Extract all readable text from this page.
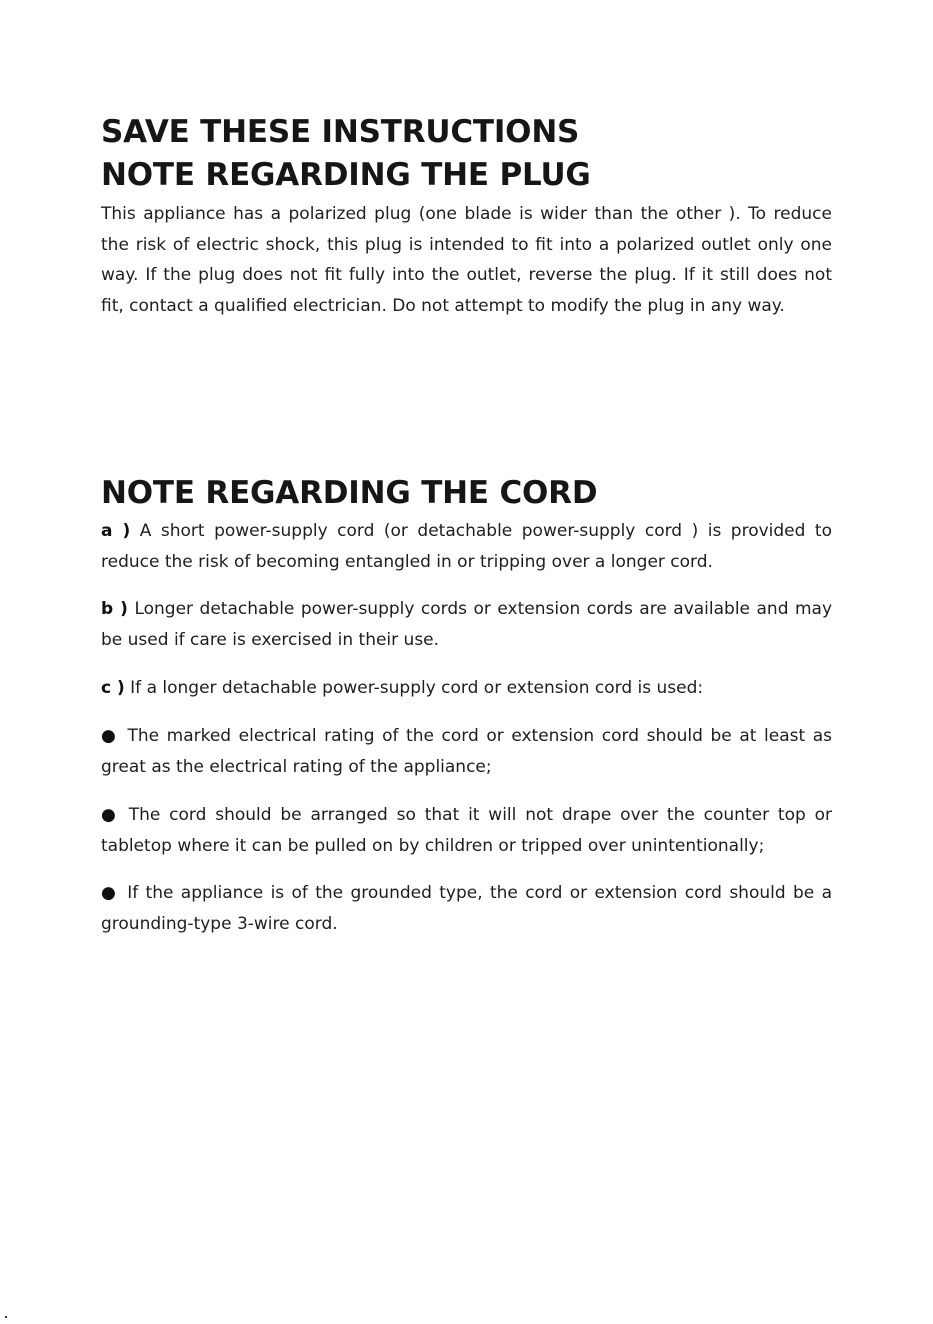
SAVE THESE INSTRUCTIONS
NOTE REGARDING THE PLUG

This appliance has a polarized plug (one blade is wider than the other ). To reduce the risk of electric shock, this plug is intended to fit into a polarized outlet only one way. If the plug does not fit fully into the outlet, reverse the plug. If it still does not fit, contact a qualified electrician. Do not attempt to modify the plug in any way.

NOTE REGARDING THE CORD

a ) A short power-supply cord (or detachable power-supply cord ) is provided to reduce the risk of becoming entangled in or tripping over a longer cord.

b ) Longer detachable power-supply cords or extension cords are available and may be used if care is exercised in their use.

c ) If a longer detachable power-supply cord or extension cord is used:

● The marked electrical rating of the cord or extension cord should be at least as great as the electrical rating of the appliance;

● The cord should be arranged so that it will not drape over the counter top or tabletop where it can be pulled on by children or tripped over unintentionally;

● If the appliance is of the grounded type, the cord or extension cord should be a grounding-type 3-wire cord.
